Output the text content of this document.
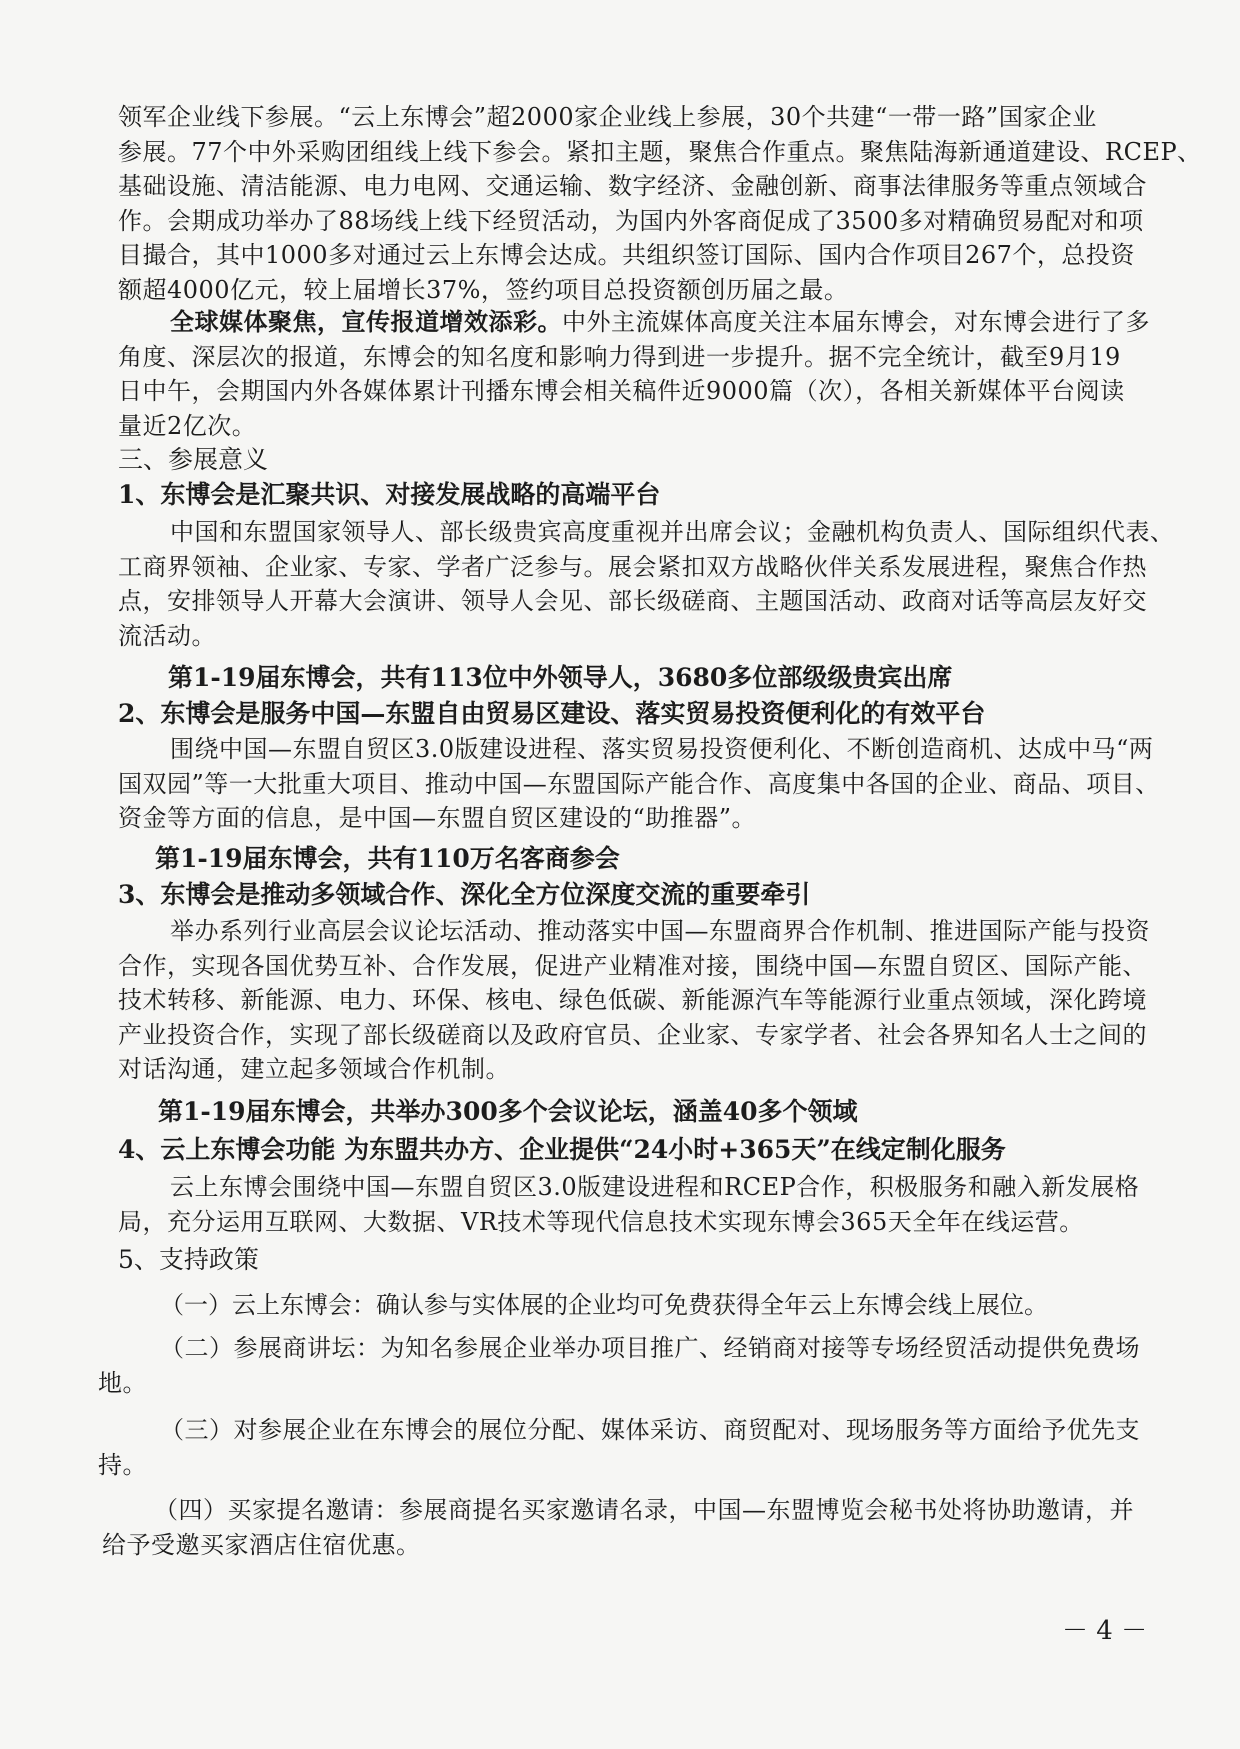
领军企业线下参展。“云上东博会”超2000家企业线上参展，30个共建“一带一路”国家企业
参展。77个中外采购团组线上线下参会。紧扣主题，聚焦合作重点。聚焦陆海新通道建设、RCEP、
基础设施、清洁能源、电力电网、交通运输、数字经济、金融创新、商事法律服务等重点领域合
作。会期成功举办了88场线上线下经贸活动，为国内外客商促成了3500多对精确贸易配对和项
目撮合，其中1000多对通过云上东博会达成。共组织签订国际、国内合作项目267个，总投资
额超4000亿元，较上届增长37%，签约项目总投资额创历届之最。
全球媒体聚焦，宣传报道增效添彩。中外主流媒体高度关注本届东博会，对东博会进行了多
角度、深层次的报道，东博会的知名度和影响力得到进一步提升。据不完全统计，截至9月19
日中午，会期国内外各媒体累计刊播东博会相关稿件近9000篇（次），各相关新媒体平台阅读
量近2亿次。
三、参展意义
1、东博会是汇聚共识、对接发展战略的高端平台
中国和东盟国家领导人、部长级贵宾高度重视并出席会议；金融机构负责人、国际组织代表、
工商界领袖、企业家、专家、学者广泛参与。展会紧扣双方战略伙伴关系发展进程，聚焦合作热
点，安排领导人开幕大会演讲、领导人会见、部长级磋商、主题国活动、政商对话等高层友好交
流活动。
第1-19届东博会，共有113位中外领导人，3680多位部级级贵宾出席
2、东博会是服务中国—东盟自由贸易区建设、落实贸易投资便利化的有效平台
围绕中国—东盟自贸区3.0版建设进程、落实贸易投资便利化、不断创造商机、达成中马“两
国双园”等一大批重大项目、推动中国—东盟国际产能合作、高度集中各国的企业、商品、项目、
资金等方面的信息，是中国—东盟自贸区建设的“助推器”。
第1-19届东博会，共有110万名客商参会
3、东博会是推动多领域合作、深化全方位深度交流的重要牵引
举办系列行业高层会议论坛活动、推动落实中国—东盟商界合作机制、推进国际产能与投资
合作，实现各国优势互补、合作发展，促进产业精准对接，围绕中国—东盟自贸区、国际产能、
技术转移、新能源、电力、环保、核电、绿色低碳、新能源汽车等能源行业重点领域，深化跨境
产业投资合作，实现了部长级磋商以及政府官员、企业家、专家学者、社会各界知名人士之间的
对话沟通，建立起多领域合作机制。
第1-19届东博会，共举办300多个会议论坛，涵盖40多个领域
4、云上东博会功能 为东盟共办方、企业提供“24小时+365天”在线定制化服务
云上东博会围绕中国—东盟自贸区3.0版建设进程和RCEP合作，积极服务和融入新发展格
局，充分运用互联网、大数据、VR技术等现代信息技术实现东博会365天全年在线运营。
5、支持政策
（一）云上东博会：确认参与实体展的企业均可免费获得全年云上东博会线上展位。
（二）参展商讲坛：为知名参展企业举办项目推广、经销商对接等专场经贸活动提供免费场
地。
（三）对参展企业在东博会的展位分配、媒体采访、商贸配对、现场服务等方面给予优先支
持。
（四）买家提名邀请：参展商提名买家邀请名录，中国—东盟博览会秘书处将协助邀请，并
给予受邀买家酒店住宿优惠。
－ 4 －
